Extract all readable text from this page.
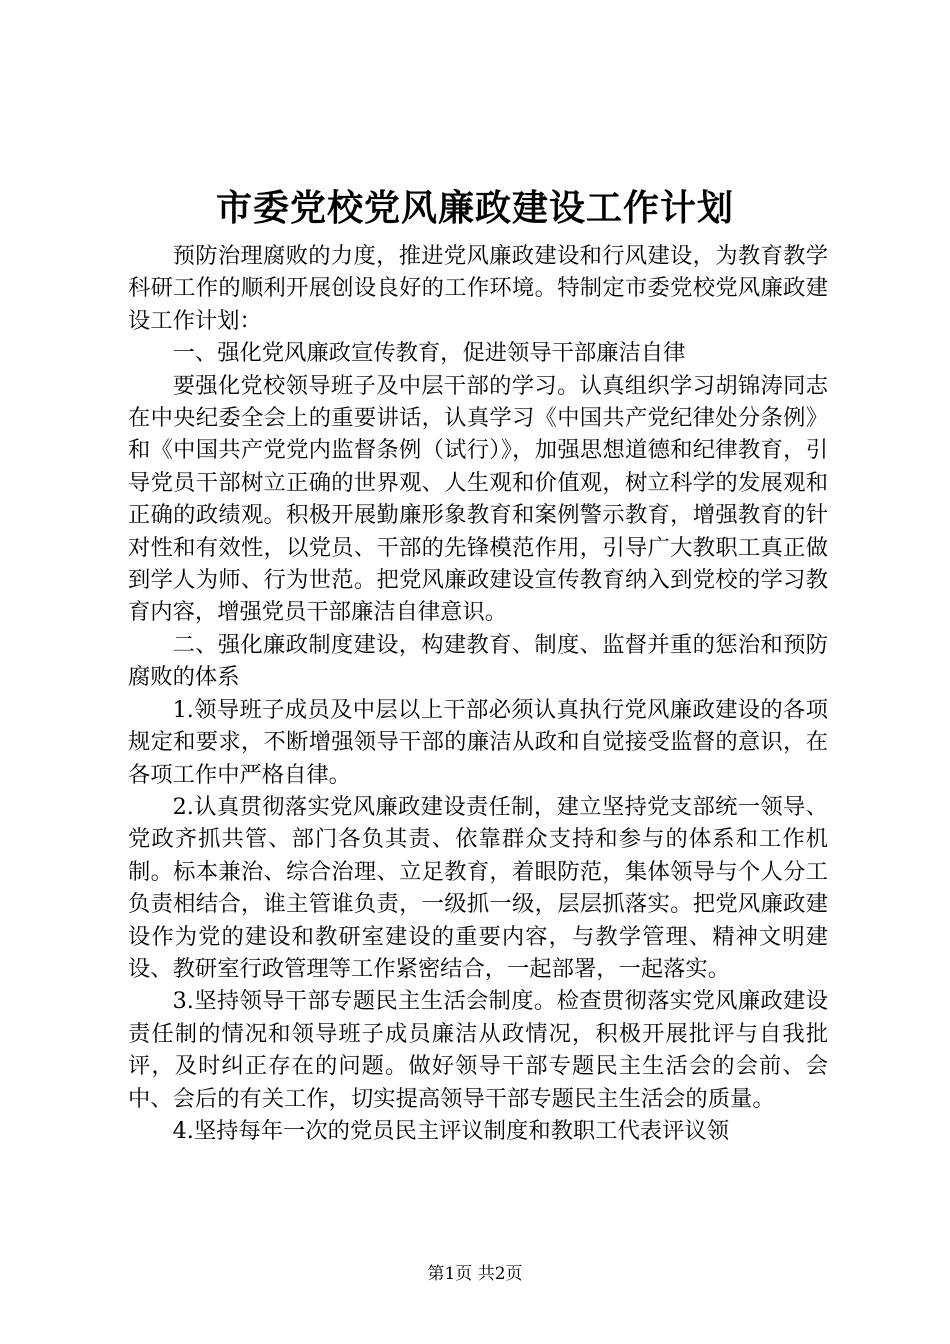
市委党校党风廉政建设工作计划

预防治理腐败的力度，推进党风廉政建设和行风建设，为教育教学科研工作的顺利开展创设良好的工作环境。特制定市委党校党风廉政建设工作计划：

一、强化党风廉政宣传教育，促进领导干部廉洁自律

要强化党校领导班子及中层干部的学习。认真组织学习胡锦涛同志在中央纪委全会上的重要讲话，认真学习《中国共产党纪律处分条例》和《中国共产党党内监督条例（试行）》，加强思想道德和纪律教育，引导党员干部树立正确的世界观、人生观和价值观，树立科学的发展观和正确的政绩观。积极开展勤廉形象教育和案例警示教育，增强教育的针对性和有效性，以党员、干部的先锋模范作用，引导广大教职工真正做到学人为师、行为世范。把党风廉政建设宣传教育纳入到党校的学习教育内容，增强党员干部廉洁自律意识。

二、强化廉政制度建设，构建教育、制度、监督并重的惩治和预防腐败的体系

1.领导班子成员及中层以上干部必须认真执行党风廉政建设的各项规定和要求，不断增强领导干部的廉洁从政和自觉接受监督的意识，在各项工作中严格自律。

2.认真贯彻落实党风廉政建设责任制，建立坚持党支部统一领导、党政齐抓共管、部门各负其责、依靠群众支持和参与的体系和工作机制。标本兼治、综合治理、立足教育，着眼防范，集体领导与个人分工负责相结合，谁主管谁负责，一级抓一级，层层抓落实。把党风廉政建设作为党的建设和教研室建设的重要内容，与教学管理、精神文明建设、教研室行政管理等工作紧密结合，一起部署，一起落实。

3.坚持领导干部专题民主生活会制度。检查贯彻落实党风廉政建设责任制的情况和领导班子成员廉洁从政情况，积极开展批评与自我批评，及时纠正存在的问题。做好领导干部专题民主生活会的会前、会中、会后的有关工作，切实提高领导干部专题民主生活会的质量。

4.坚持每年一次的党员民主评议制度和教职工代表评议领

第1页 共2页
